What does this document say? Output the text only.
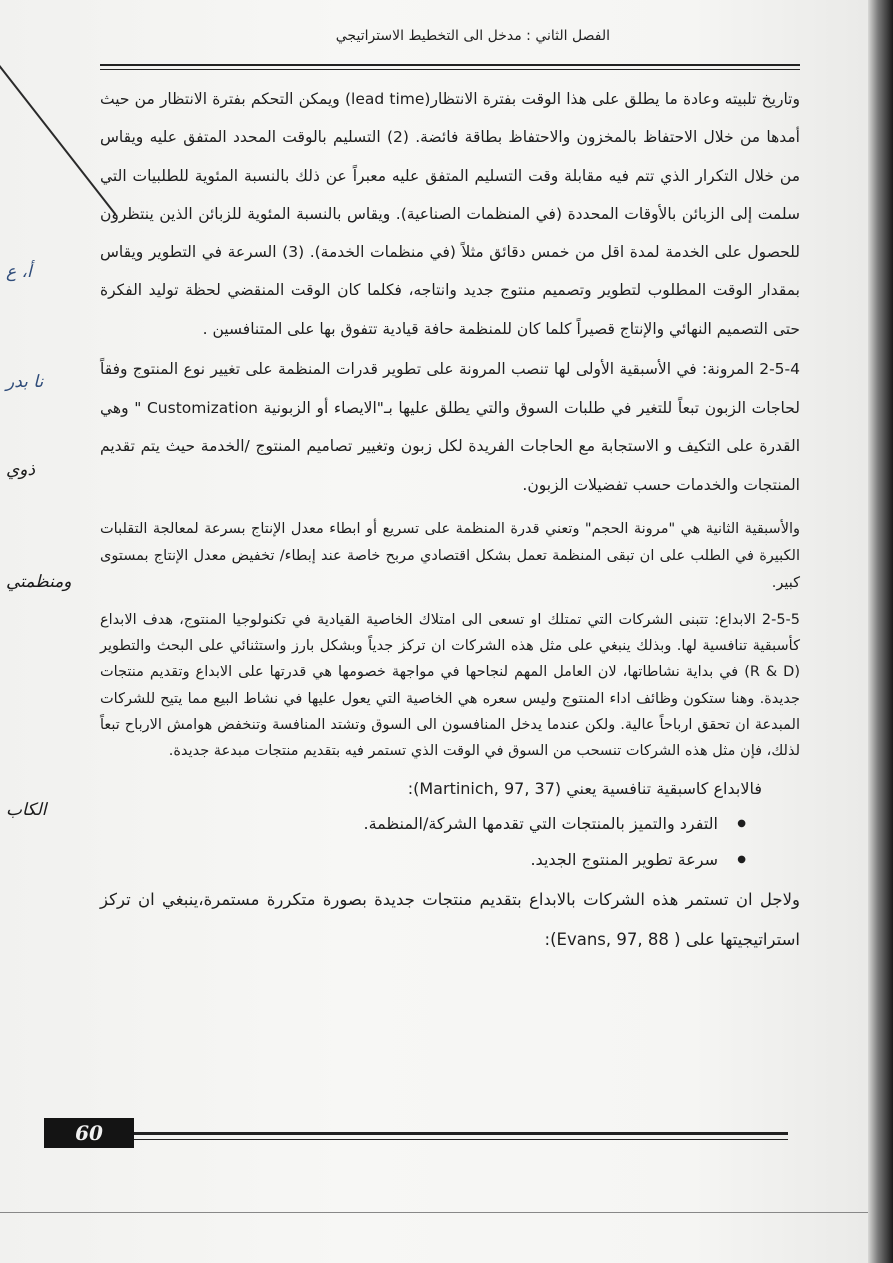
الفصل الثاني : مدخل الى التخطيط الاستراتيجي

وتاريخ تلبيته وعادة ما يطلق على هذا الوقت بفترة الانتظار(lead time) ويمكن التحكم بفترة الانتظار من حيث أمدها من خلال الاحتفاظ بالمخزون والاحتفاظ بطاقة فائضة. (2) التسليم بالوقت المحدد المتفق عليه ويقاس من خلال التكرار الذي تتم فيه مقابلة وقت التسليم المتفق عليه معبراً عن ذلك بالنسبة المئوية للطلبيات التي سلمت إلى الزبائن بالأوقات المحددة (في المنظمات الصناعية). ويقاس بالنسبة المئوية للزبائن الذين ينتظرون للحصول على الخدمة لمدة اقل من خمس دقائق مثلاً (في منظمات الخدمة). (3) السرعة في التطوير ويقاس بمقدار الوقت المطلوب لتطوير وتصميم منتوج جديد وانتاجه، فكلما كان الوقت المنقضي لحظة توليد الفكرة حتى التصميم النهائي والإنتاج قصيراً كلما كان للمنظمة حافة قيادية تتفوق بها على المتنافسين .

2-5-4 المرونة: في الأسبقية الأولى لها تنصب المرونة على تطوير قدرات المنظمة على تغيير نوع المنتوج وفقاً لحاجات الزبون تبعاً للتغير في طلبات السوق والتي يطلق عليها بـ"الايصاء أو الزبونية Customization " وهي القدرة على التكيف و الاستجابة مع الحاجات الفريدة لكل زبون وتغيير تصاميم المنتوج /الخدمة حيث يتم تقديم المنتجات والخدمات حسب تفضيلات الزبون.

والأسبقية الثانية هي "مرونة الحجم" وتعني قدرة المنظمة على تسريع أو ابطاء معدل الإنتاج بسرعة لمعالجة التقلبات الكبيرة في الطلب على ان تبقى المنظمة تعمل بشكل اقتصادي مربح خاصة عند إبطاء/ تخفيض معدل الإنتاج بمستوى كبير.

2-5-5 الابداع: تتبنى الشركات التي تمتلك او تسعى الى امتلاك الخاصية القيادية في تكنولوجيا المنتوج، هدف الابداع كأسبقية تنافسية لها. وبذلك ينبغي على مثل هذه الشركات ان تركز جدياً وبشكل بارز واستثنائي على البحث والتطوير (R & D) في بداية نشاطاتها، لان العامل المهم لنجاحها في مواجهة خصومها هي قدرتها على الابداع وتقديم منتجات جديدة. وهنا ستكون وظائف اداء المنتوج وليس سعره هي الخاصية التي يعول عليها في نشاط البيع مما يتيح للشركات المبدعة ان تحقق ارباحاً عالية. ولكن عندما يدخل المنافسون الى السوق وتشتد المنافسة وتنخفض هوامش الارباح تبعاً لذلك، فإن مثل هذه الشركات تنسحب من السوق في الوقت الذي تستمر فيه بتقديم منتجات مبدعة جديدة.

فالابداع كاسبقية تنافسية يعني (Martinich, 97, 37):

● التفرد والتميز بالمنتجات التي تقدمها الشركة/المنظمة.
● سرعة تطوير المنتوج الجديد.

ولاجل ان تستمر هذه الشركات بالابداع بتقديم منتجات جديدة بصورة متكررة مستمرة،ينبغي ان تركز استراتيجيتها على ( Evans, 97, 88):

أ، ع
نا بدر
ذوي
ومنظمتي
الكاب
60
